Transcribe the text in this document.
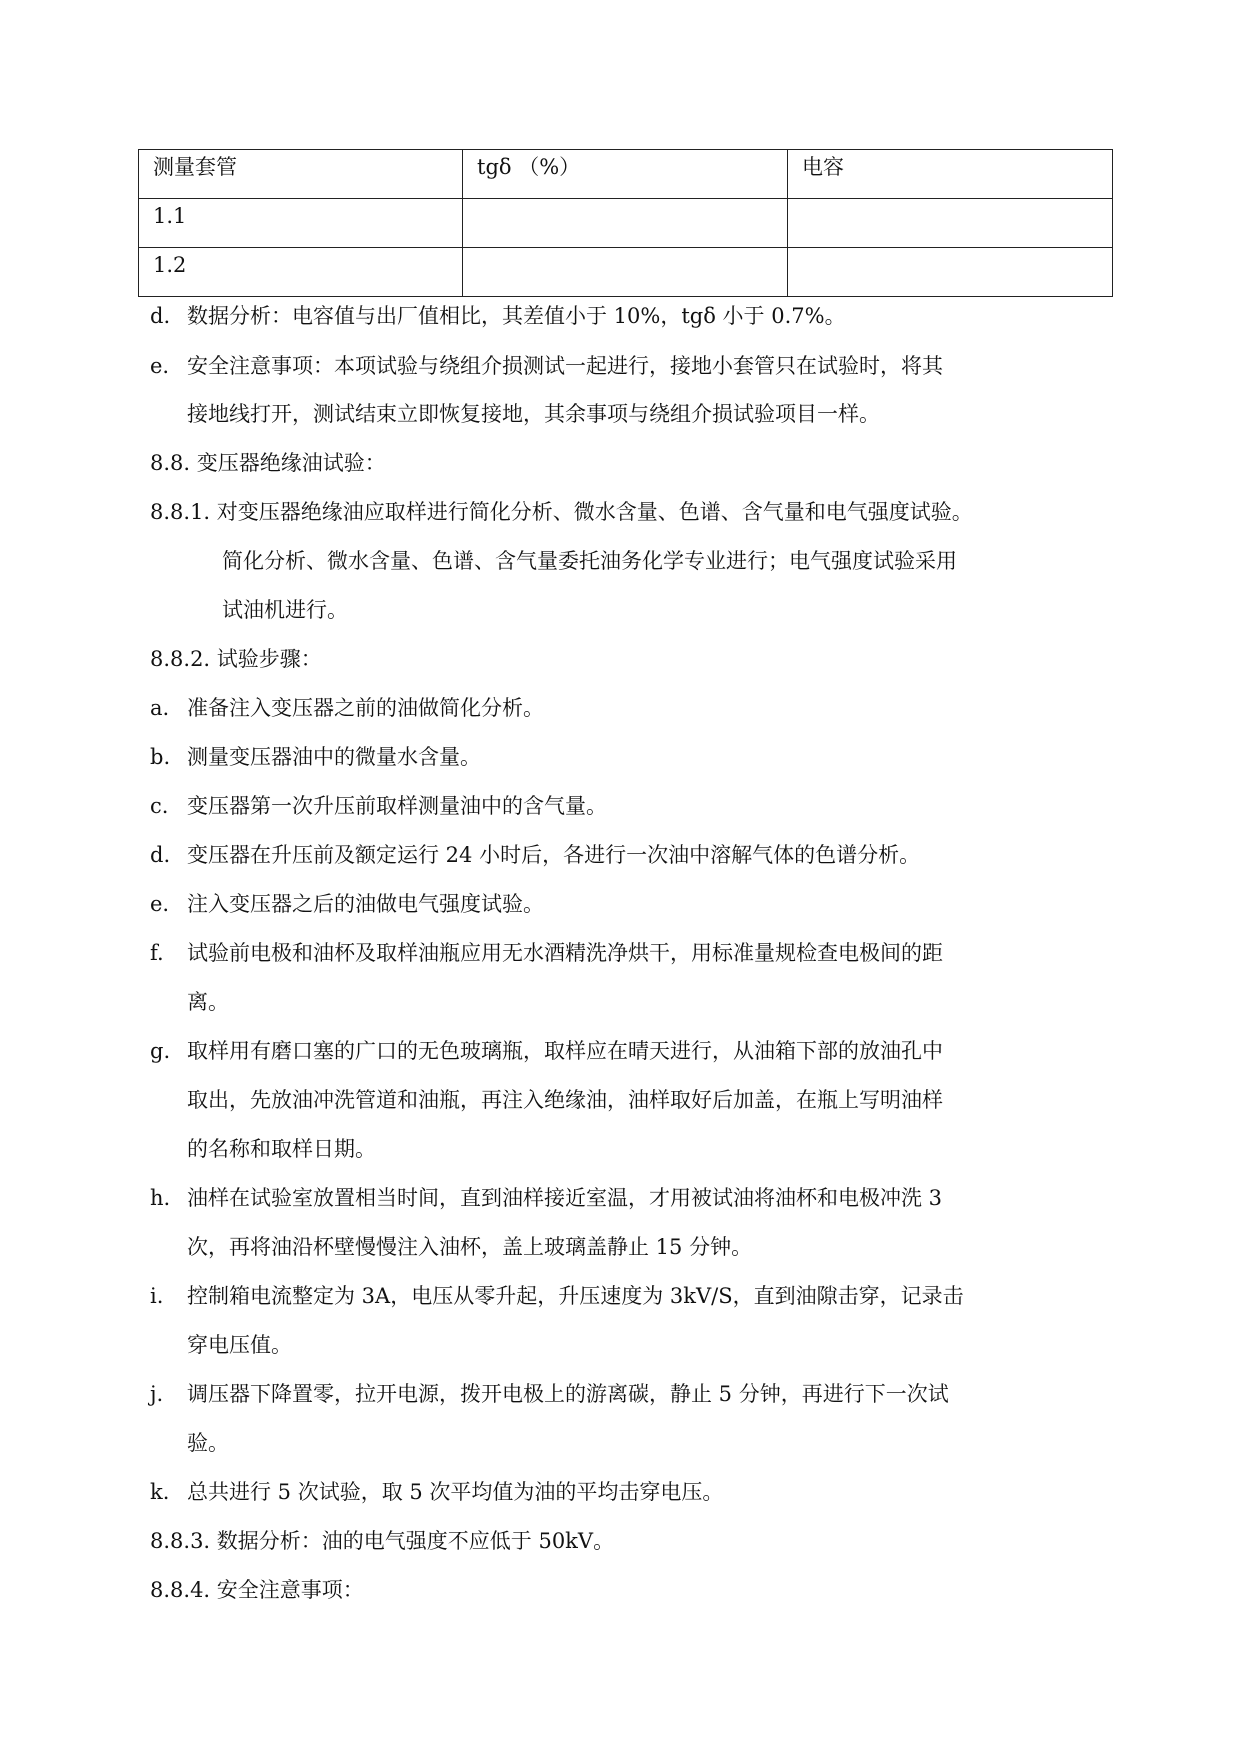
测量套管	tgδ （%）	电容
1.1		
1.2		
d. 数据分析：电容值与出厂值相比，其差值小于 10%，tgδ 小于 0.7%。
e. 安全注意事项：本项试验与绕组介损测试一起进行，接地小套管只在试验时，将其
接地线打开，测试结束立即恢复接地，其余事项与绕组介损试验项目一样。
8.8. 变压器绝缘油试验：
8.8.1. 对变压器绝缘油应取样进行简化分析、微水含量、色谱、含气量和电气强度试验。
简化分析、微水含量、色谱、含气量委托油务化学专业进行；电气强度试验采用
试油机进行。
8.8.2. 试验步骤：
a. 准备注入变压器之前的油做简化分析。
b. 测量变压器油中的微量水含量。
c. 变压器第一次升压前取样测量油中的含气量。
d. 变压器在升压前及额定运行 24 小时后，各进行一次油中溶解气体的色谱分析。
e. 注入变压器之后的油做电气强度试验。
f. 试验前电极和油杯及取样油瓶应用无水酒精洗净烘干，用标准量规检查电极间的距
离。
g. 取样用有磨口塞的广口的无色玻璃瓶，取样应在晴天进行，从油箱下部的放油孔中
取出，先放油冲洗管道和油瓶，再注入绝缘油，油样取好后加盖，在瓶上写明油样
的名称和取样日期。
h. 油样在试验室放置相当时间，直到油样接近室温，才用被试油将油杯和电极冲洗 3
次，再将油沿杯壁慢慢注入油杯，盖上玻璃盖静止 15 分钟。
i. 控制箱电流整定为 3A，电压从零升起，升压速度为 3kV/S，直到油隙击穿，记录击
穿电压值。
j. 调压器下降置零，拉开电源，拨开电极上的游离碳，静止 5 分钟，再进行下一次试
验。
k. 总共进行 5 次试验，取 5 次平均值为油的平均击穿电压。
8.8.3. 数据分析：油的电气强度不应低于 50kV。
8.8.4. 安全注意事项：
